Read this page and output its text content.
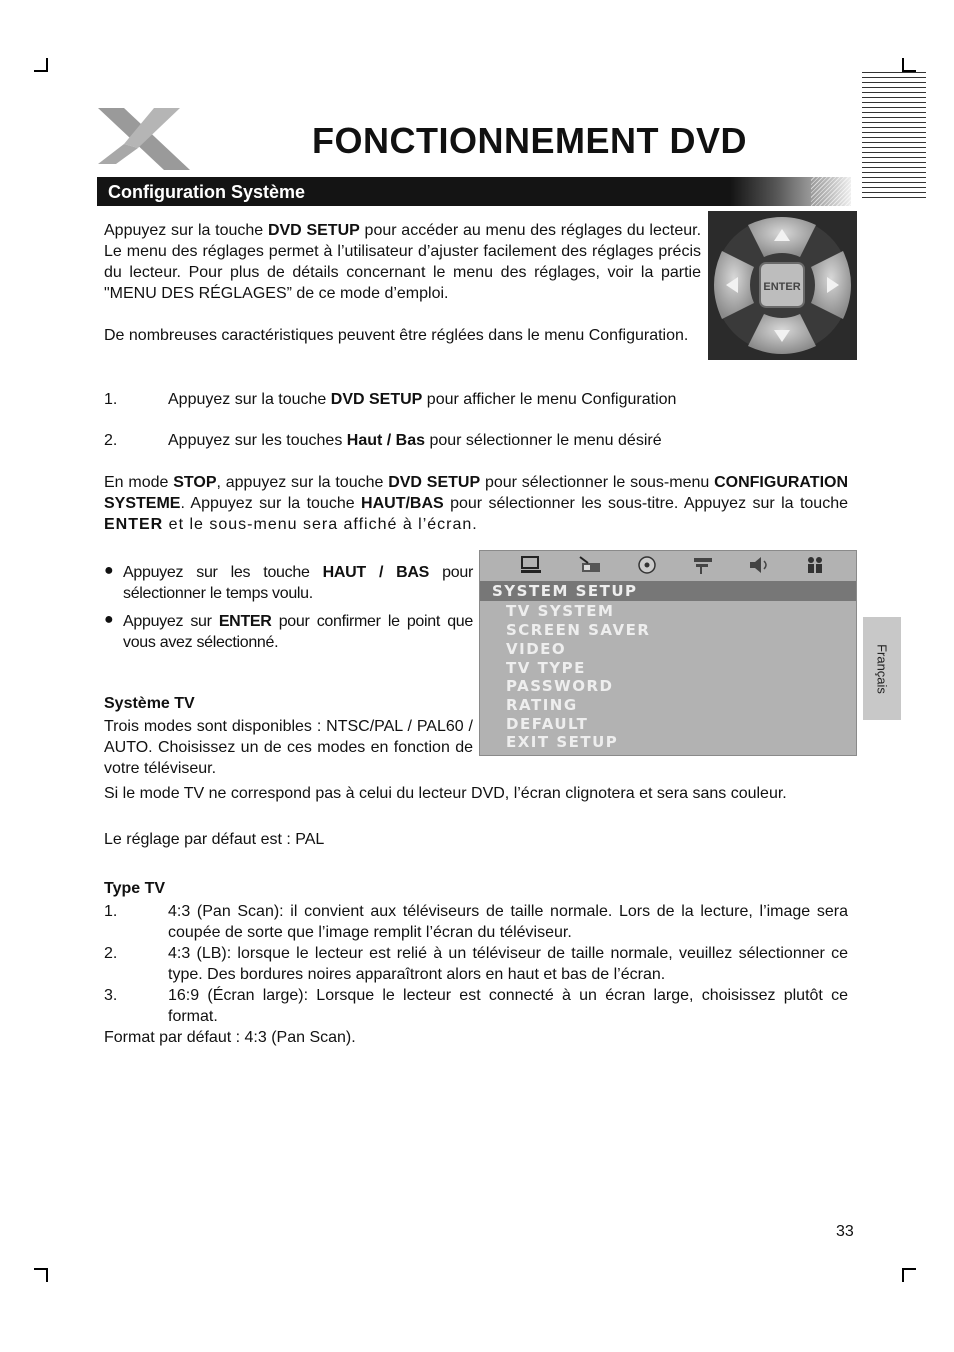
FONCTIONNEMENT DVD
Configuration Système
Appuyez sur la touche DVD SETUP pour accéder au menu des réglages du lecteur. Le menu des réglages permet à l’utilisateur d’ajuster facilement des réglages précis du lecteur. Pour plus de détails concernant le menu des réglages, voir la partie "MENU DES RÉGLAGES” de ce mode d’emploi.
De nombreuses caractéristiques peuvent être réglées dans le menu Configuration.
ENTER
1.	Appuyez sur la touche DVD SETUP pour afficher le menu Configuration
2.	Appuyez sur les touches Haut / Bas pour sélectionner le menu désiré
En mode STOP, appuyez sur la touche DVD SETUP pour sélectionner le sous-menu CONFIGURATION SYSTEME. Appuyez sur la touche HAUT/BAS pour sélectionner les sous-titre. Appuyez sur la touche ENTER et le sous-menu sera affiché à l’écran.
● Appuyez sur les touche HAUT / BAS pour sélectionner le temps voulu.
● Appuyez sur ENTER pour confirmer le point que vous avez sélectionné.
SYSTEM SETUP
TV SYSTEM
SCREEN SAVER
VIDEO
TV TYPE
PASSWORD
RATING
DEFAULT
EXIT SETUP
Système TV
Trois modes sont disponibles : NTSC/PAL / PAL60 / AUTO. Choisissez un de ces modes en fonction de votre téléviseur.
Si le mode TV ne correspond pas à celui du lecteur DVD, l’écran clignotera et sera sans couleur.
Le réglage par défaut est : PAL
Type TV
1.	4:3 (Pan Scan): il convient aux téléviseurs de taille normale. Lors de la lecture, l’image sera coupée de sorte que l’image remplit l’écran du téléviseur.
2.	4:3 (LB): lorsque le lecteur est relié à un téléviseur de taille normale, veuillez sélectionner ce type. Des bordures noires apparaîtront alors en haut et bas de l’écran.
3.	16:9 (Écran large): Lorsque le lecteur est connecté à un écran large, choisissez plutôt ce format.
Format par défaut : 4:3 (Pan Scan).
Français
33
